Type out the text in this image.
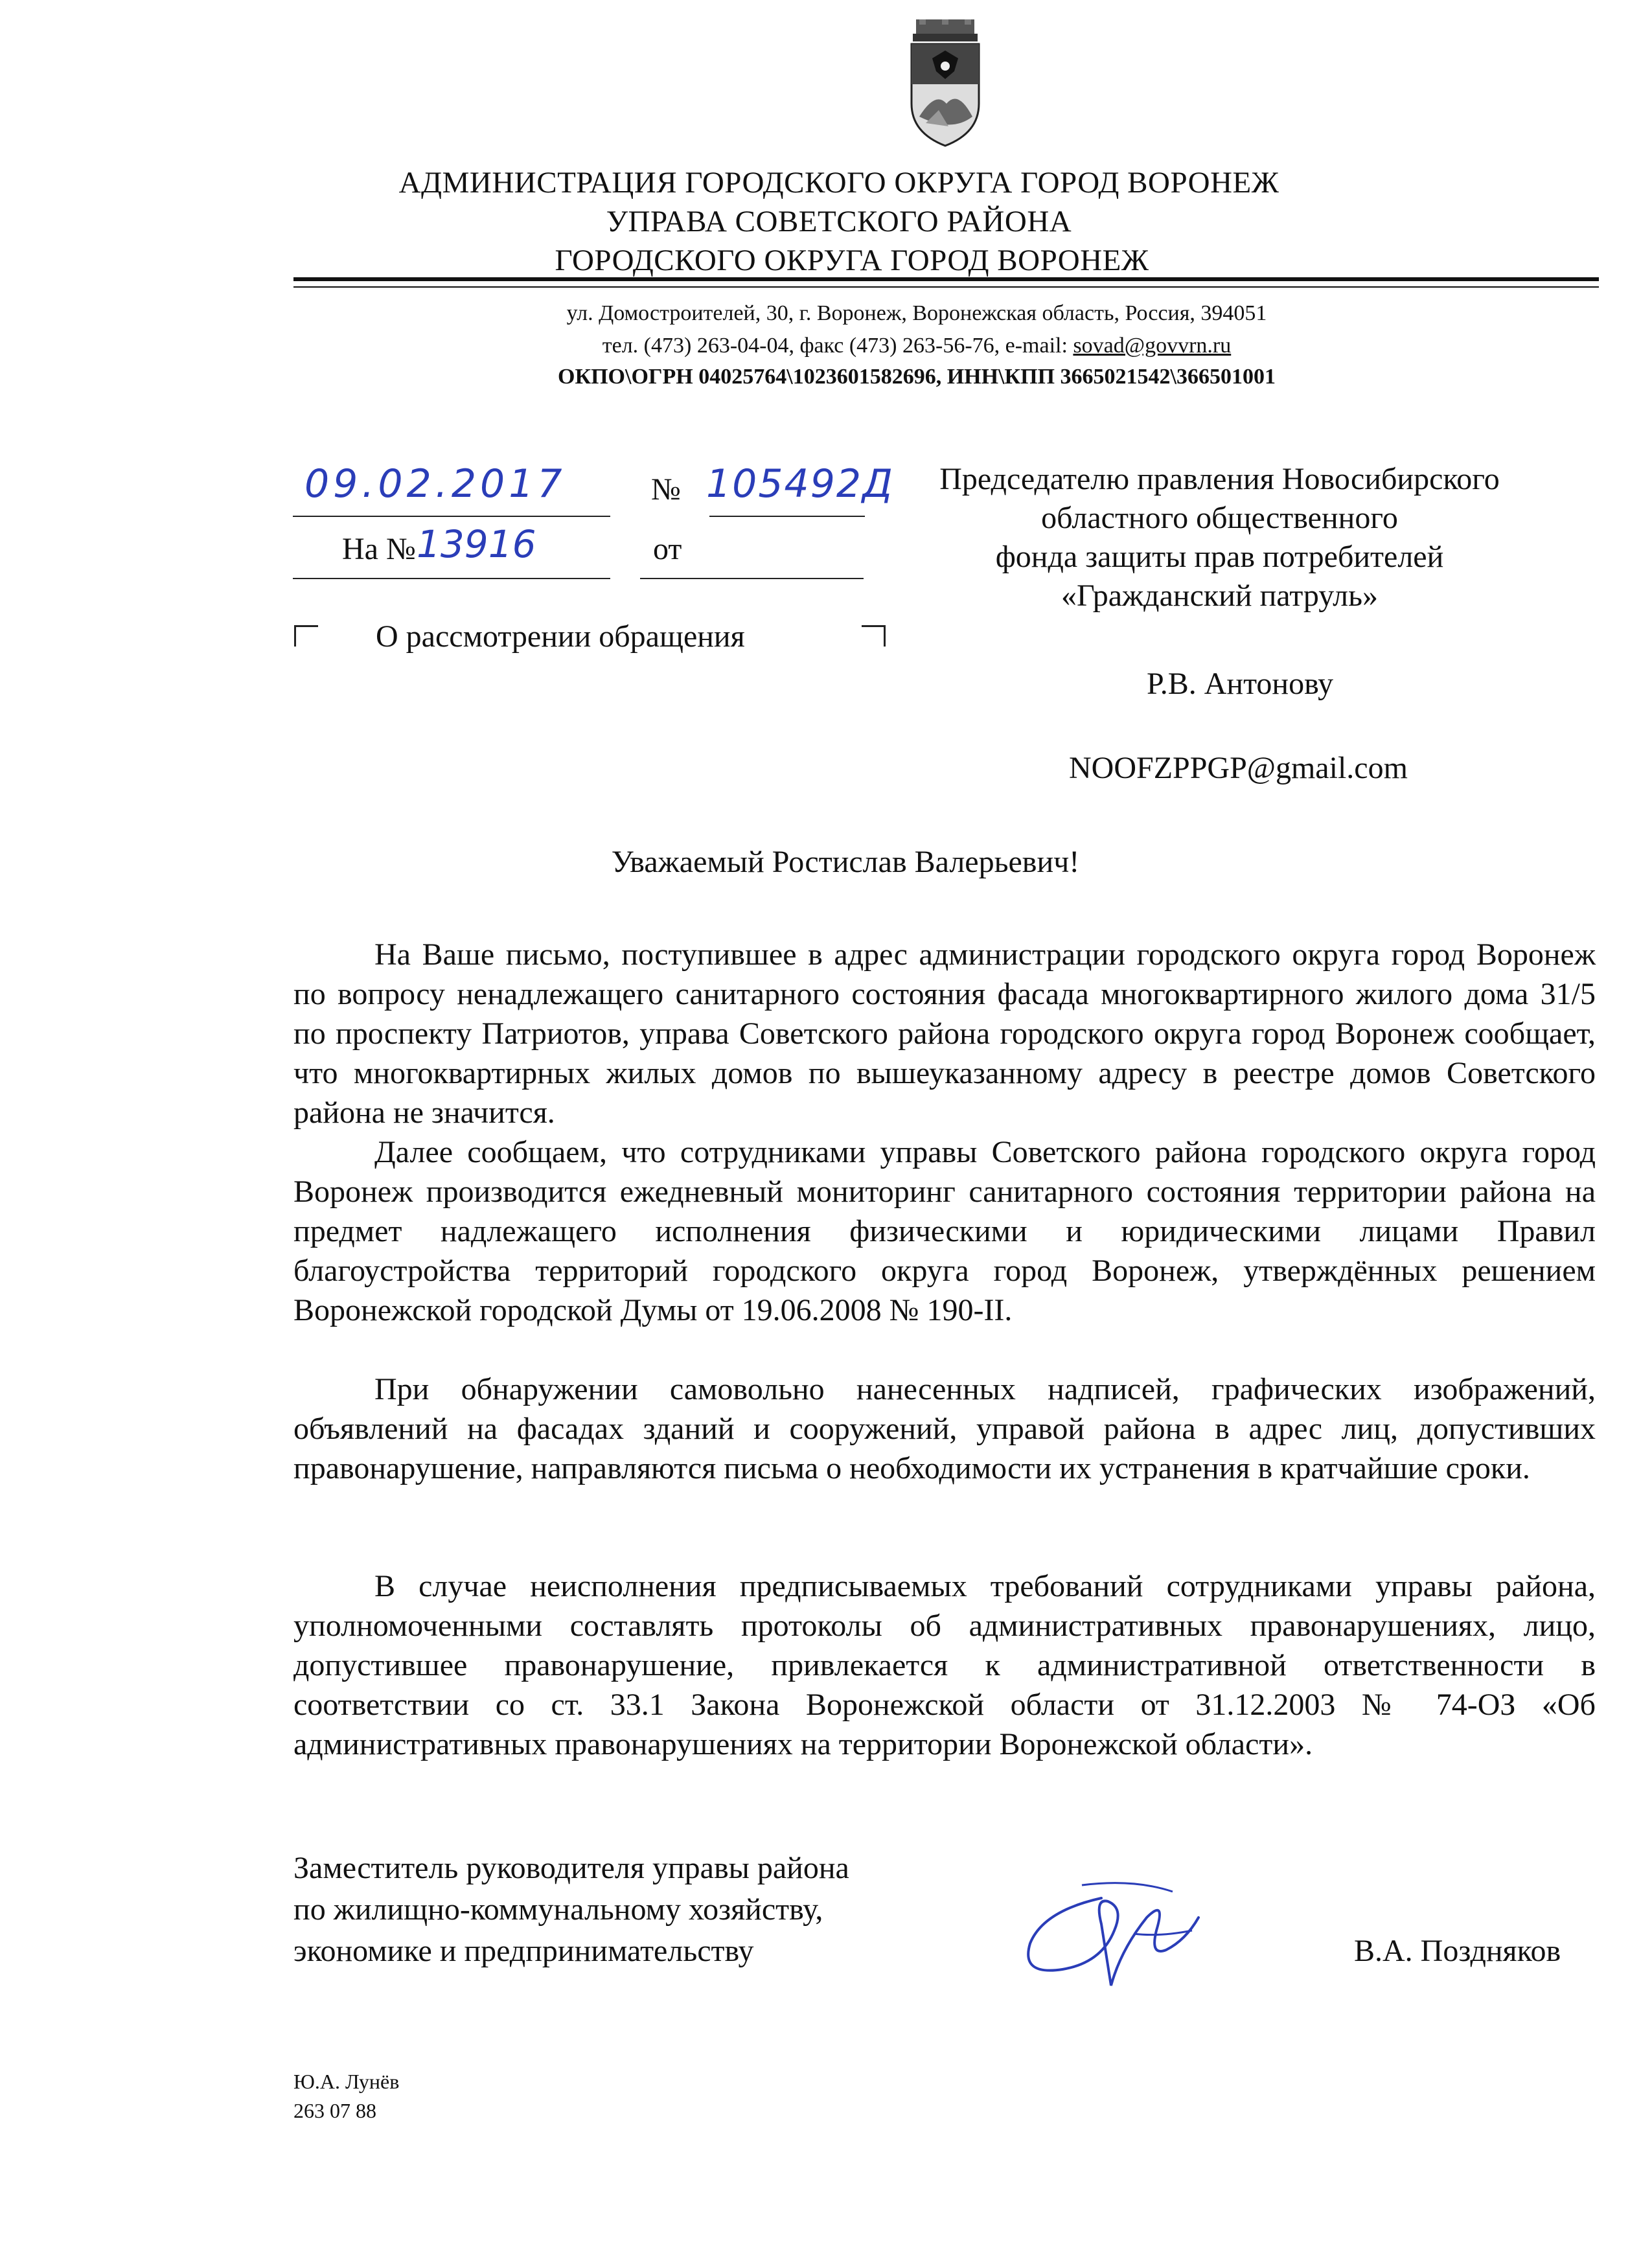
АДМИНИСТРАЦИЯ ГОРОДСКОГО ОКРУГА ГОРОД ВОРОНЕЖ
УПРАВА СОВЕТСКОГО РАЙОНА
ГОРОДСКОГО ОКРУГА ГОРОД ВОРОНЕЖ
ул. Домостроителей, 30, г. Воронеж, Воронежская область, Россия, 394051
тел. (473) 263-04-04, факс (473) 263-56-76, e-mail: sovad@govvrn.ru
ОКПО\ОГРН 04025764\1023601582696, ИНН\КПП 3665021542\366501001
09.02.2017	№ 105492Д
На № 13916	от
О рассмотрении обращения
Председателю правления Новосибирского
областного общественного
фонда защиты прав потребителей
«Гражданский патруль»
Р.В. Антонову
NOOFZPPGP@gmail.com
Уважаемый Ростислав Валерьевич!

На Ваше письмо, поступившее в адрес администрации городского округа город Воронеж по вопросу ненадлежащего санитарного состояния фасада многоквартирного жилого дома 31/5 по проспекту Патриотов, управа Советского района городского округа город Воронеж сообщает, что многоквартирных жилых домов по вышеуказанному адресу в реестре домов Советского района не значится.

Далее сообщаем, что сотрудниками управы Советского района городского округа город Воронеж производится ежедневный мониторинг санитарного состояния территории района на предмет надлежащего исполнения физическими и юридическими лицами Правил благоустройства территорий городского округа город Воронеж, утверждённых решением Воронежской городской Думы от 19.06.2008 № 190-II.

При обнаружении самовольно нанесенных надписей, графических изображений, объявлений на фасадах зданий и сооружений, управой района в адрес лиц, допустивших правонарушение, направляются письма о необходимости их устранения в кратчайшие сроки.

В случае неисполнения предписываемых требований сотрудниками управы района, уполномоченными составлять протоколы об административных правонарушениях, лицо, допустившее правонарушение, привлекается к административной ответственности в соответствии со ст. 33.1 Закона Воронежской области от 31.12.2003 № 74-ОЗ «Об административных правонарушениях на территории Воронежской области».

Заместитель руководителя управы района
по жилищно-коммунальному хозяйству,
экономике и предпринимательству	В.А. Поздняков
Ю.А. Лунёв
263 07 88
